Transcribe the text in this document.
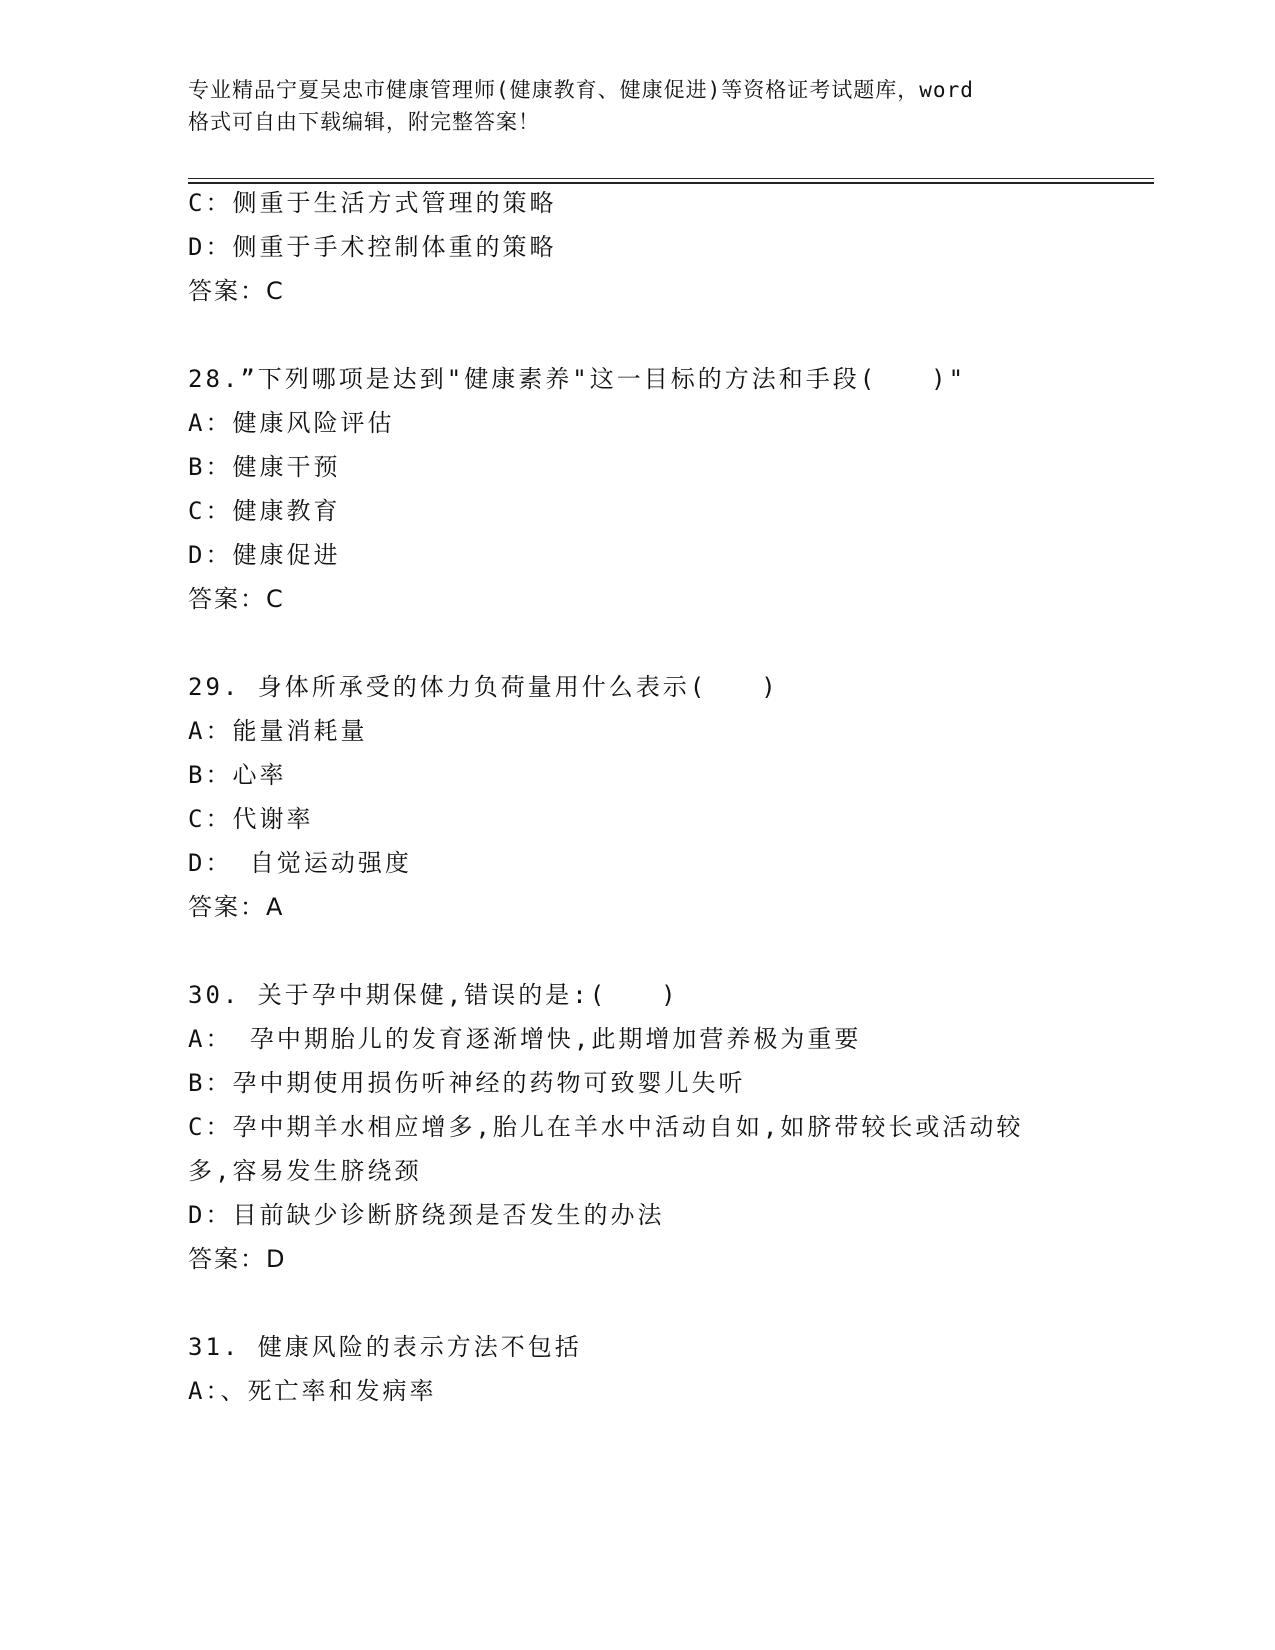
专业精品宁夏吴忠市健康管理师(健康教育、健康促进)等资格证考试题库，word
格式可自由下载编辑，附完整答案！
C：侧重于生活方式管理的策略
D：侧重于手术控制体重的策略
答案：C
28.”下列哪项是达到"健康素养"这一目标的方法和手段(　　)"
A：健康风险评估
B：健康干预
C：健康教育
D：健康促进
答案：C
29. 身体所承受的体力负荷量用什么表示(　　)
A：能量消耗量
B：心率
C：代谢率
D： 自觉运动强度
答案：A
30. 关于孕中期保健,错误的是:(　　)
A： 孕中期胎儿的发育逐渐增快,此期增加营养极为重要
B：孕中期使用损伤听神经的药物可致婴儿失听
C：孕中期羊水相应增多,胎儿在羊水中活动自如,如脐带较长或活动较
多,容易发生脐绕颈
D：目前缺少诊断脐绕颈是否发生的办法
答案：D
31. 健康风险的表示方法不包括
A：、死亡率和发病率
